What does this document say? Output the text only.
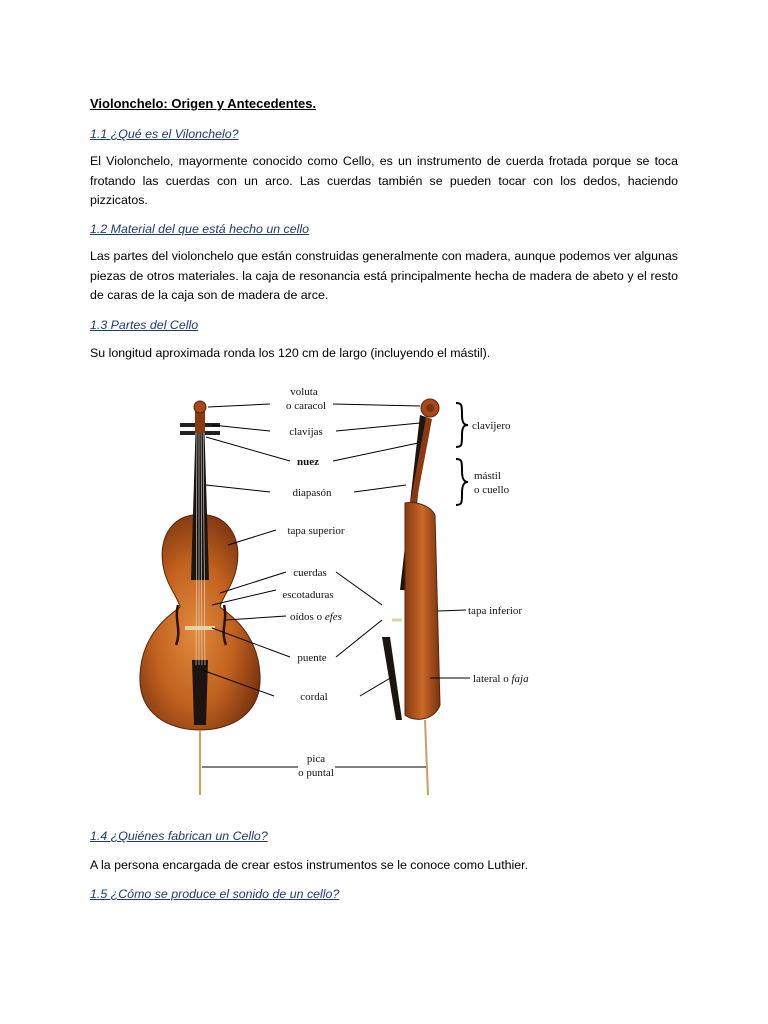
Violonchelo: Origen y Antecedentes.
1.1 ¿Qué es el Vilonchelo?
El Violonchelo, mayormente conocido como Cello, es un instrumento de cuerda frotada porque se toca frotando las cuerdas con un arco. Las cuerdas también se pueden tocar con los dedos, haciendo pizzicatos.
1.2 Material del que está hecho un cello
Las partes del violonchelo que están construidas generalmente con madera, aunque podemos ver algunas piezas de otros materiales. la caja de resonancia está principalmente hecha de madera de abeto y el resto de caras de la caja son de madera de arce.
1.3 Partes del Cello
Su longitud aproximada ronda los 120 cm de largo (incluyendo el mástil).
voluta
o caracol
clavijas
nuez
diapasón
tapa superior
cuerdas
escotaduras
oídos o efes
puente
cordal
pica
o puntal
clavijero
mástil
o cuello
tapa inferior
lateral o faja
1.4 ¿Quiénes fabrican un Cello?
A la persona encargada de crear estos instrumentos se le conoce como Luthier.
1.5 ¿Cómo se produce el sonido de un cello?
